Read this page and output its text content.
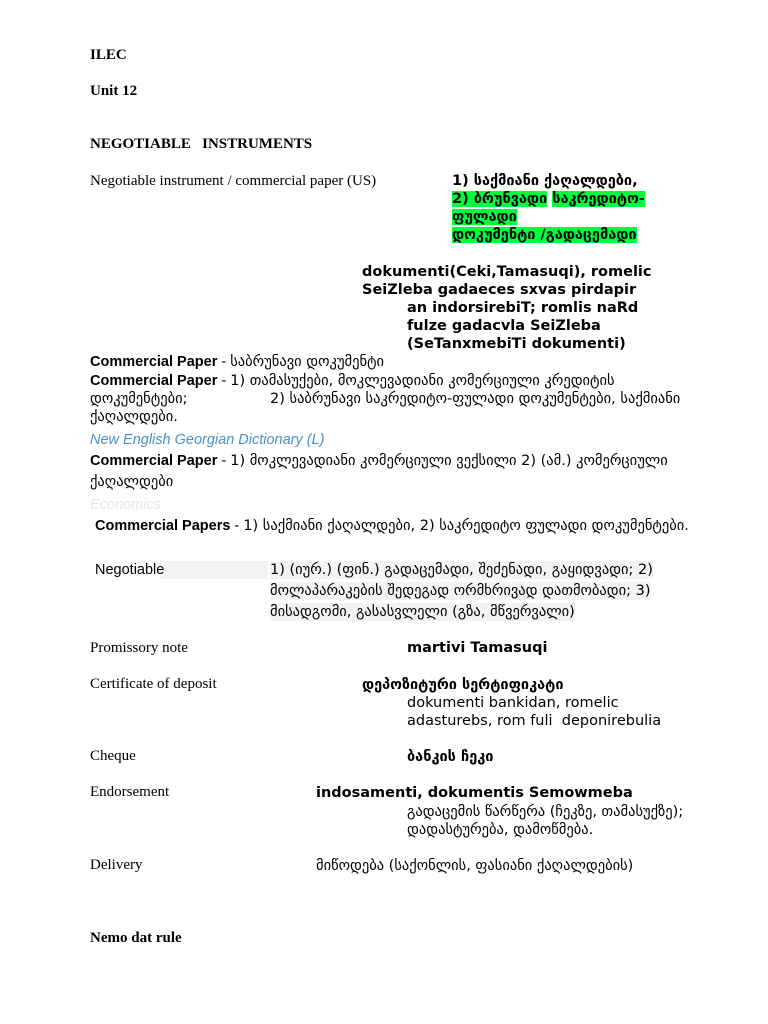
ILEC
Unit 12
NEGOTIABLE   INSTRUMENTS
Negotiable instrument / commercial paper (US)	1) საქმიანი ქაღალდები,
2) ბრუნვადი საკრედიტო-
ფულადი
დოკუმენტი /გადაცემადი
dokumenti(Ceki,Tamasuqi), romelic
SeiZleba gadaeces sxvas pirdapir
an indorsirebiT; romlis naRd
fulze gadacvla SeiZleba
(SeTanxmebiTi dokumenti)
Commercial Paper - საბრუნავი დოკუმენტი
Commercial Paper - 1) თამასუქები, მოკლევადიანი კომერციული კრედიტის
დოკუმენტები;	2) საბრუნავი საკრედიტო-ფულადი დოკუმენტები, საქმიანი
ქაღალდები.
New English Georgian Dictionary (L)
Commercial Paper - 1) მოკლევადიანი კომერციული ვექსილი 2) (ამ.) კომერციული
ქაღალდები
Economics
Commercial Papers - 1) საქმიანი ქაღალდები, 2) საკრედიტო ფულადი დოკუმენტები.
Negotiable	1) (იურ.) (ფინ.) გადაცემადი, შეძენადი, გაყიდვადი; 2)
მოლაპარაკების შედეგად ორმხრივად დათმობადი; 3)
მისადგომი, გასასვლელი (გზა, მწვერვალი)
Promissory note	martivi Tamasuqi
Certificate of deposit	დეპოზიტური სერტიფიკატი
dokumenti bankidan, romelic
adasturebs, rom fuli  deponirebulia
Cheque	ბანკის ჩეკი
Endorsement	indosamenti, dokumentis Semowmeba
გადაცემის წარწერა (ჩეკზე, თამასუქზე);
დადასტურება, დამოწმება.
Delivery	მიწოდება (საქონლის, ფასიანი ქაღალდების)
Nemo dat rule
